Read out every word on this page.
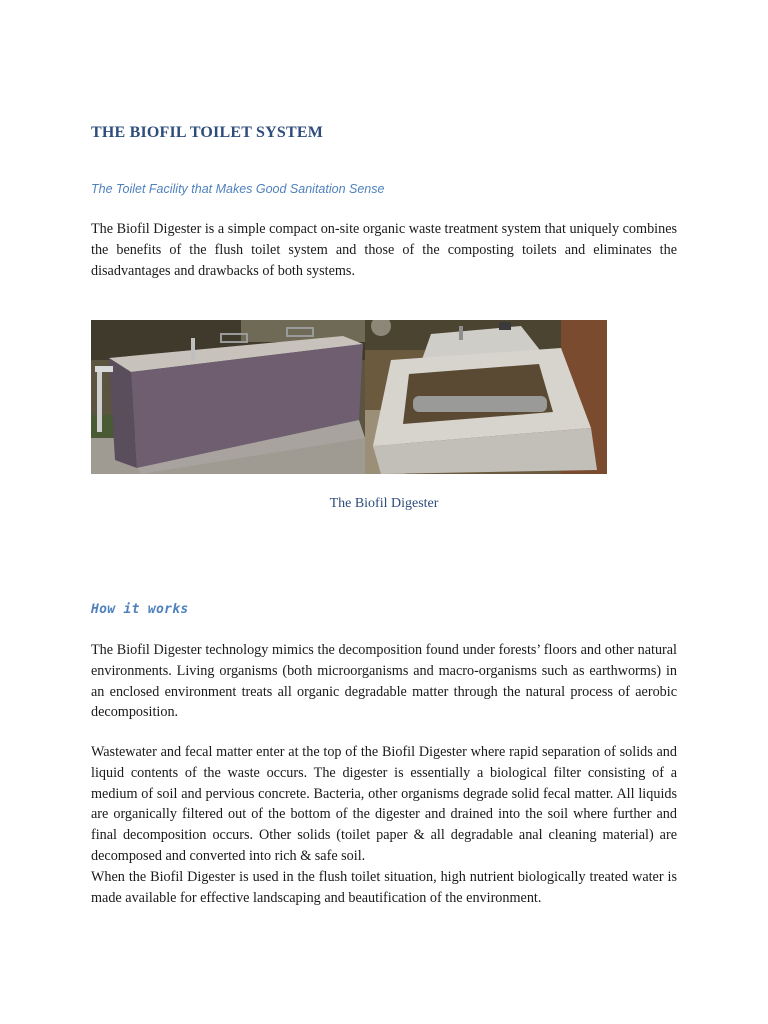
THE BIOFIL TOILET SYSTEM

The Toilet Facility that Makes Good Sanitation Sense

The Biofil Digester is a simple compact on-site organic waste treatment system that uniquely combines the benefits of the flush toilet system and those of the composting toilets and eliminates the disadvantages and drawbacks of both systems.

The Biofil Digester

How it works

The Biofil Digester technology mimics the decomposition found under forests’ floors and other natural environments. Living organisms (both microorganisms and macro-organisms such as earthworms) in an enclosed environment treats all organic degradable matter through the natural process of aerobic decomposition.

Wastewater and fecal matter enter at the top of the Biofil Digester where rapid separation of solids and liquid contents of the waste occurs. The digester is essentially a biological filter consisting of a medium of soil and pervious concrete. Bacteria, other organisms degrade solid fecal matter. All liquids are organically filtered out of the bottom of the digester and drained into the soil where further and final decomposition occurs. Other solids (toilet paper & all degradable anal cleaning material) are decomposed and converted into rich & safe soil.
When the Biofil Digester is used in the flush toilet situation, high nutrient biologically treated water is made available for effective landscaping and beautification of the environment.
